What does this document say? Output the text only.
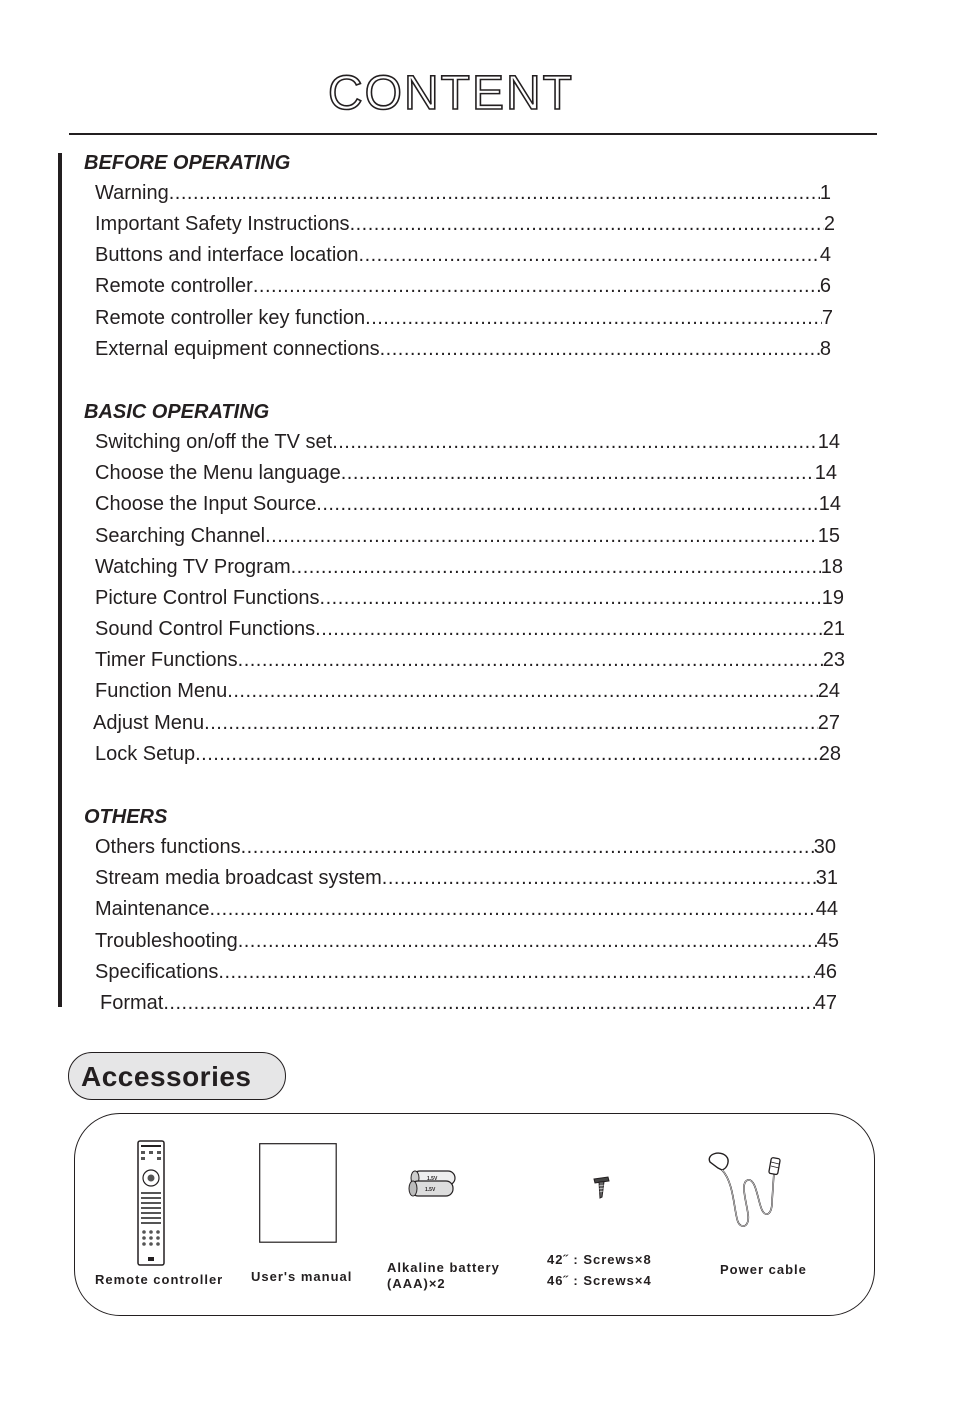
CONTENT
BEFORE OPERATING
Warning .....	1
Important Safety Instructions .....	2
Buttons and interface location .....	4
Remote controller .....	6
Remote controller key function .....	7
External equipment connections .....	8
BASIC OPERATING
Switching on/off the TV set .....	14
Choose the Menu language .....	14
Choose the Input Source .....	14
Searching Channel .....	15
Watching TV Program .....	18
Picture Control Functions .....	.19
Sound Control Functions .....	21
Timer Functions .....	23
Function Menu .....	24
Adjust Menu .....	27
Lock Setup .....	28
OTHERS
Others functions .....	30
Stream media broadcast system .....	31
Maintenance .....	44
Troubleshooting .....	45
Specifications .....	46
Format .....	47
Accessories
Remote controller User's manual
1.5V
1.5V
Alkaline battery
(AAA)×2
42˝ : Screws×8
46˝ : Screws×4
Power cable
